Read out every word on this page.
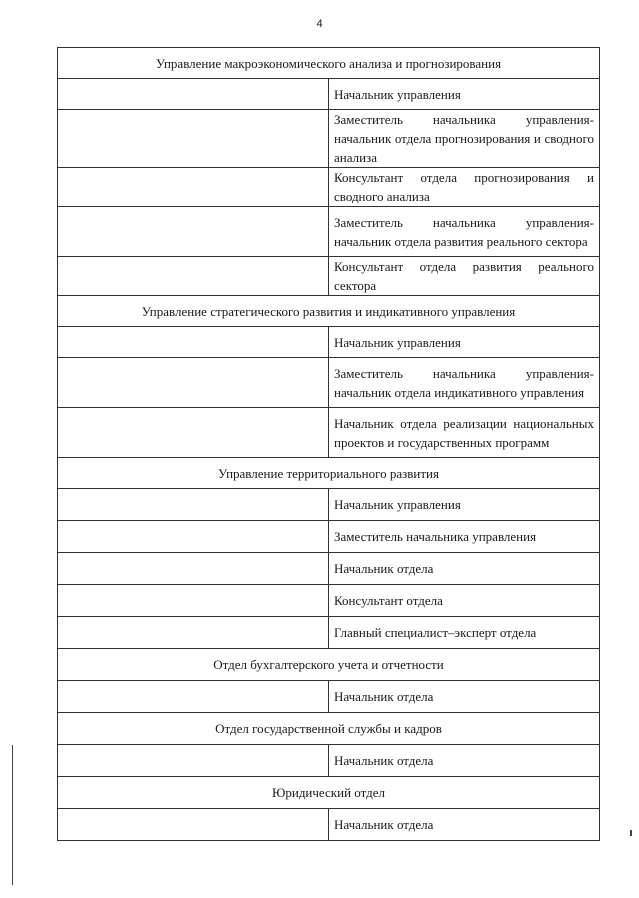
4
Управление макроэкономического анализа и прогнозирования	
	Начальник управления
	Заместитель начальника управления-начальник отдела прогнозирования и сводного анализа
	Консультант отдела прогнозирования и сводного анализа
	Заместитель начальника управления-начальник отдела развития реального сектора
	Консультант отдела развития реального сектора
Управление стратегического развития и индикативного управления	
	Начальник управления
	Заместитель начальника управления-начальник отдела индикативного управления
	Начальник отдела реализации национальных проектов и государственных программ
Управление территориального развития	
	Начальник управления
	Заместитель начальника управления
	Начальник отдела
	Консультант отдела
	Главный специалист–эксперт отдела
Отдел бухгалтерского учета и отчетности	
	Начальник отдела
Отдел государственной службы и кадров	
	Начальник отдела
Юридический отдел	
	Начальник отдела
